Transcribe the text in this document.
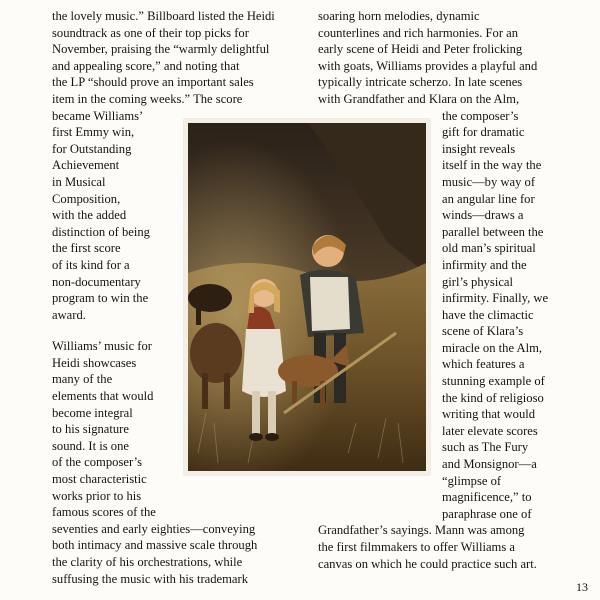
the lovely music.” Billboard listed the Heidi
soundtrack as one of their top picks for
November, praising the “warmly delightful
and appealing score,” and noting that
the LP “should prove an important sales
item in the coming weeks.” The score
became Williams’
first Emmy win,
for Outstanding
Achievement
in Musical
Composition,
with the added
distinction of being
the first score
of its kind for a
non-documentary
program to win the
award.
Williams’ music for
Heidi showcases
many of the
elements that would
become integral
to his signature
sound. It is one
of the composer’s
most characteristic
works prior to his
famous scores of the
seventies and early eighties—conveying
both intimacy and massive scale through
the clarity of his orchestrations, while
suffusing the music with his trademark
soaring horn melodies, dynamic
counterlines and rich harmonies. For an
early scene of Heidi and Peter frolicking
with goats, Williams provides a playful and
typically intricate scherzo. In late scenes
with Grandfather and Klara on the Alm,
the composer’s
gift for dramatic
insight reveals
itself in the way the
music—by way of
an angular line for
winds—draws a
parallel between the
old man’s spiritual
infirmity and the
girl’s physical
infirmity. Finally, we
have the climactic
scene of Klara’s
miracle on the Alm,
which features a
stunning example of
the kind of religioso
writing that would
later elevate scores
such as The Fury
and Monsignor—a
“glimpse of
magnificence,” to
paraphrase one of
Grandfather’s sayings. Mann was among
the first filmmakers to offer Williams a
canvas on which he could practice such art.
13
